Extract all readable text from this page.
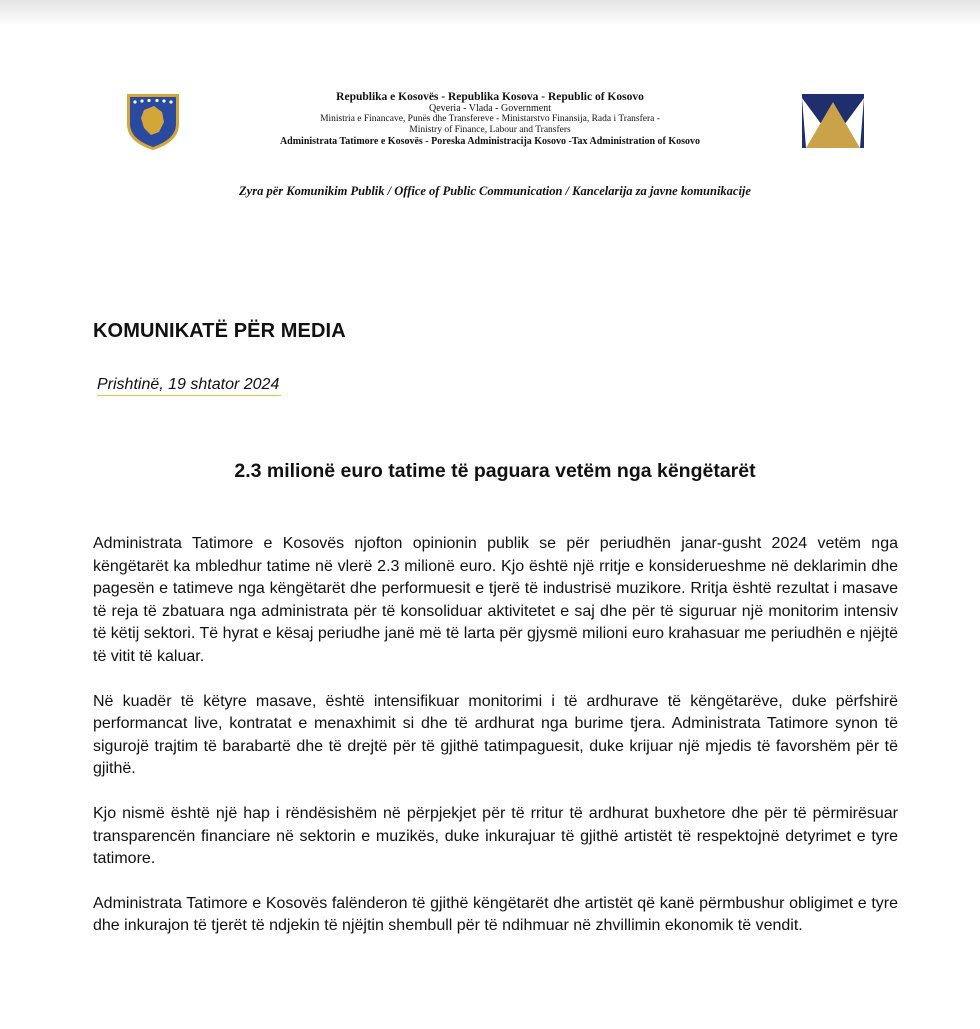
Republika e Kosovës - Republika Kosova - Republic of Kosovo
Qeveria - Vlada - Government
Ministria e Financave, Punës dhe Transfereve - Ministarstvo Finansija, Rada i Transfera -
Ministry of Finance, Labour and Transfers
Administrata Tatimore e Kosovës - Poreska Administracija Kosovo -Tax Administration of Kosovo
Zyra për Komunikim Publik / Office of Public Communication / Kancelarija za javne komunikacije
KOMUNIKATË PËR MEDIA
Prishtinë, 19 shtator 2024
2.3 milionë euro tatime të paguara vetëm nga këngëtarët

Administrata Tatimore e Kosovës njofton opinionin publik se për periudhën janar-gusht 2024 vetëm nga këngëtarët ka mbledhur tatime në vlerë 2.3 milionë euro. Kjo është një rritje e konsiderueshme në deklarimin dhe pagesën e tatimeve nga këngëtarët dhe performuesit e tjerë të industrisë muzikore. Rritja është rezultat i masave të reja të zbatuara nga administrata për të konsoliduar aktivitetet e saj dhe për të siguruar një monitorim intensiv të këtij sektori. Të hyrat e kësaj periudhe janë më të larta për gjysmë milioni euro krahasuar me periudhën e njëjtë të vitit të kaluar.

Në kuadër të këtyre masave, është intensifikuar monitorimi i të ardhurave të këngëtarëve, duke përfshirë performancat live, kontratat e menaxhimit si dhe të ardhurat nga burime tjera. Administrata Tatimore synon të sigurojë trajtim të barabartë dhe të drejtë për të gjithë tatimpaguesit, duke krijuar një mjedis të favorshëm për të gjithë.

Kjo nismë është një hap i rëndësishëm në përpjekjet për të rritur të ardhurat buxhetore dhe për të përmirësuar transparencën financiare në sektorin e muzikës, duke inkurajuar të gjithë artistët të respektojnë detyrimet e tyre tatimore.

Administrata Tatimore e Kosovës falënderon të gjithë këngëtarët dhe artistët që kanë përmbushur obligimet e tyre dhe inkurajon të tjerët të ndjekin të njëjtin shembull për të ndihmuar në zhvillimin ekonomik të vendit.
